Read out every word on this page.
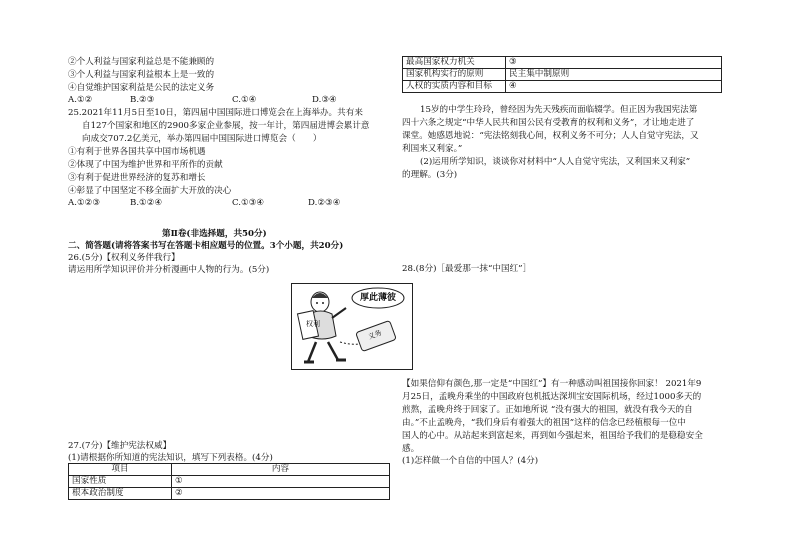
②个人利益与国家利益总是不能兼顾的
③个人利益与国家利益根本上是一致的
④自觉维护国家利益是公民的法定义务
A.①②	B.②③	C.①④	D.③④
25.2021年11月5日至10日，第四届中国国际进口博览会在上海举办。共有来
自127个国家和地区的2900多家企业参展，按一年计，第四届进博会累计意
向成交707.2亿美元，举办第四届中国国际进口博览会（　　）
①有利于世界各国共享中国市场机遇
②体现了中国为维护世界和平所作的贡献
③有利于促进世界经济的复苏和增长
④彰显了中国坚定不移全面扩大开放的决心
A.①②③	B.①②④	C.①③④	D.②③④
第Ⅱ卷(非选择题，共50分)
二、简答题(请将答案书写在答题卡相应题号的位置。3个小题，共20分)
26.(5分)【权利义务伴我行】
请运用所学知识评价并分析漫画中人物的行为。(5分)
厚此薄彼
权利
义务
27.(7分)【维护宪法权威】
(1)请根据你所知道的宪法知识，填写下列表格。(4分)
项目	内容
国家性质	①
根本政治制度	②
最高国家权力机关	③
国家机构实行的原则	民主集中制原则
人权的实质内容和目标	④
15岁的中学生玲玲，曾经因为先天残疾而面临辍学。但正因为我国宪法第
四十六条之规定“中华人民共和国公民有受教育的权利和义务”，才让地走进了
课堂。她感恩地说：“宪法铭刻我心间，权利义务不可分；人人自觉守宪法，又
利国来又利家。”
(2)运用所学知识，谈谈你对材料中“人人自觉守宪法，又利国来又利家”
的理解。(3分)
28.(8分)［最爱那一抹“中国红”］
【如果信仰有颜色,那一定是“中国红”】有一种感动叫祖国接你回家！ 2021年9
月25日，孟晚舟乘坐的中国政府包机抵达深圳宝安国际机场，经过1000多天的
煎熬，孟晚舟终于回家了。正如地所说 “没有强大的祖国，就没有我今天的自
由。”不止孟晚舟，“我们身后有着强大的祖国”这样的信念已经植根每一位中
国人的心中。从站起来到富起来，再到如今强起来，祖国给予我们的是稳稳安全
感。
(1)怎样做一个自信的中国人？(4分)
